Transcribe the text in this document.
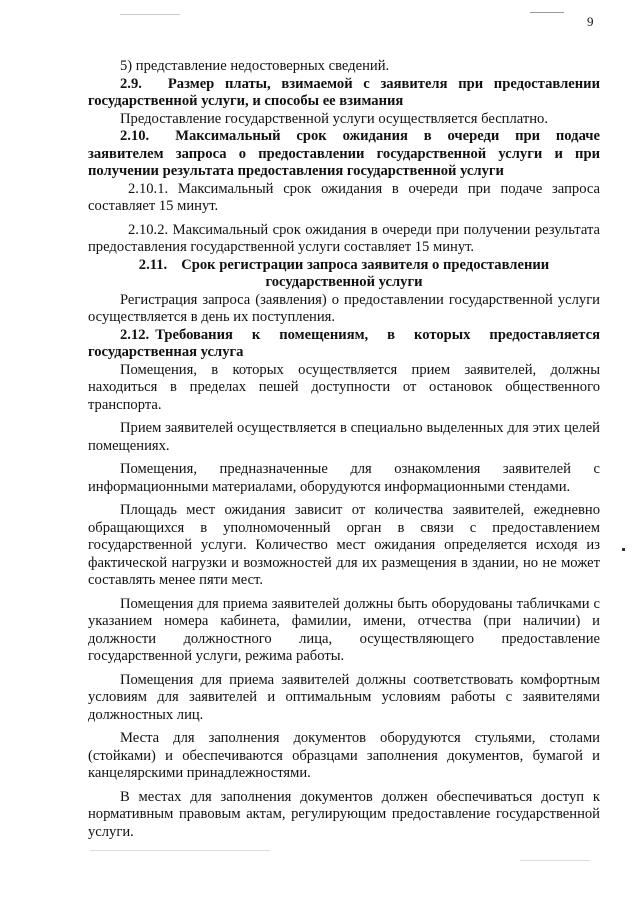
9

5) представление недостоверных сведений.

2.9. Размер платы, взимаемой с заявителя при предоставлении государственной услуги, и способы ее взимания

Предоставление государственной услуги осуществляется бесплатно.

2.10. Максимальный срок ожидания в очереди при подаче заявителем запроса о предоставлении государственной услуги и при получении результата предоставления государственной услуги

2.10.1. Максимальный срок ожидания в очереди при подаче запроса составляет 15 минут.

2.10.2. Максимальный срок ожидания в очереди при получении результата предоставления государственной услуги составляет 15 минут.

2.11. Срок регистрации запроса заявителя о предоставлении государственной услуги

Регистрация запроса (заявления) о предоставлении государственной услуги осуществляется в день их поступления.

2.12. Требования к помещениям, в которых предоставляется государственная услуга

Помещения, в которых осуществляется прием заявителей, должны находиться в пределах пешей доступности от остановок общественного транспорта.

Прием заявителей осуществляется в специально выделенных для этих целей помещениях.

Помещения, предназначенные для ознакомления заявителей с информационными материалами, оборудуются информационными стендами.

Площадь мест ожидания зависит от количества заявителей, ежедневно обращающихся в уполномоченный орган в связи с предоставлением государственной услуги. Количество мест ожидания определяется исходя из фактической нагрузки и возможностей для их размещения в здании, но не может составлять менее пяти мест.

Помещения для приема заявителей должны быть оборудованы табличками с указанием номера кабинета, фамилии, имени, отчества (при наличии) и должности должностного лица, осуществляющего предоставление государственной услуги, режима работы.

Помещения для приема заявителей должны соответствовать комфортным условиям для заявителей и оптимальным условиям работы с заявителями должностных лиц.

Места для заполнения документов оборудуются стульями, столами (стойками) и обеспечиваются образцами заполнения документов, бумагой и канцелярскими принадлежностями.

В местах для заполнения документов должен обеспечиваться доступ к нормативным правовым актам, регулирующим предоставление государственной услуги.
